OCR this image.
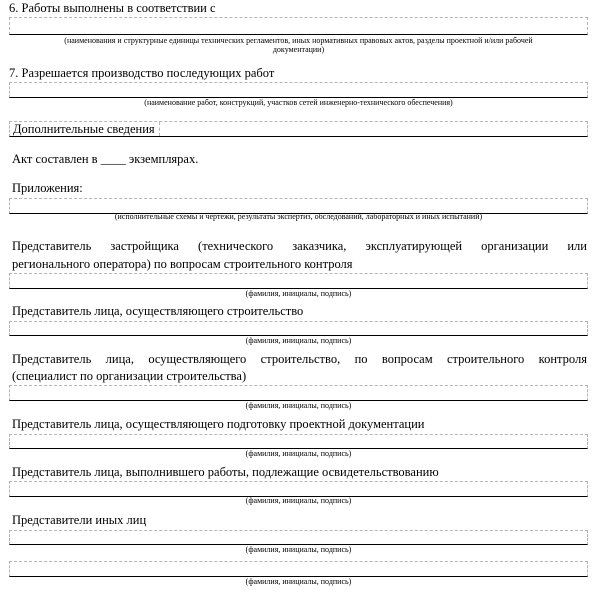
6. Работы выполнены в соответствии с
(наименования и структурные единицы технических регламентов, иных нормативных правовых актов, разделы проектной и/или рабочей
документации)
7. Разрешается производство последующих работ
(наименование работ, конструкций, участков сетей инженерно-технического обеспечения)
Дополнительные сведения
Акт составлен в ____ экземплярах.
Приложения:
(исполнительные схемы и чертежи, результаты экспертиз, обследований, лабораторных и иных испытаний)
Представитель застройщика (технического заказчика, эксплуатирующей организации или
регионального оператора) по вопросам строительного контроля
(фамилия, инициалы, подпись)
Представитель лица, осуществляющего строительство
(фамилия, инициалы, подпись)
Представитель лица, осуществляющего строительство, по вопросам строительного контроля
(специалист по организации строительства)
(фамилия, инициалы, подпись)
Представитель лица, осуществляющего подготовку проектной документации
(фамилия, инициалы, подпись)
Представитель лица, выполнившего работы, подлежащие освидетельствованию
(фамилия, инициалы, подпись)
Представители иных лиц
(фамилия, инициалы, подпись)
(фамилия, инициалы, подпись)
